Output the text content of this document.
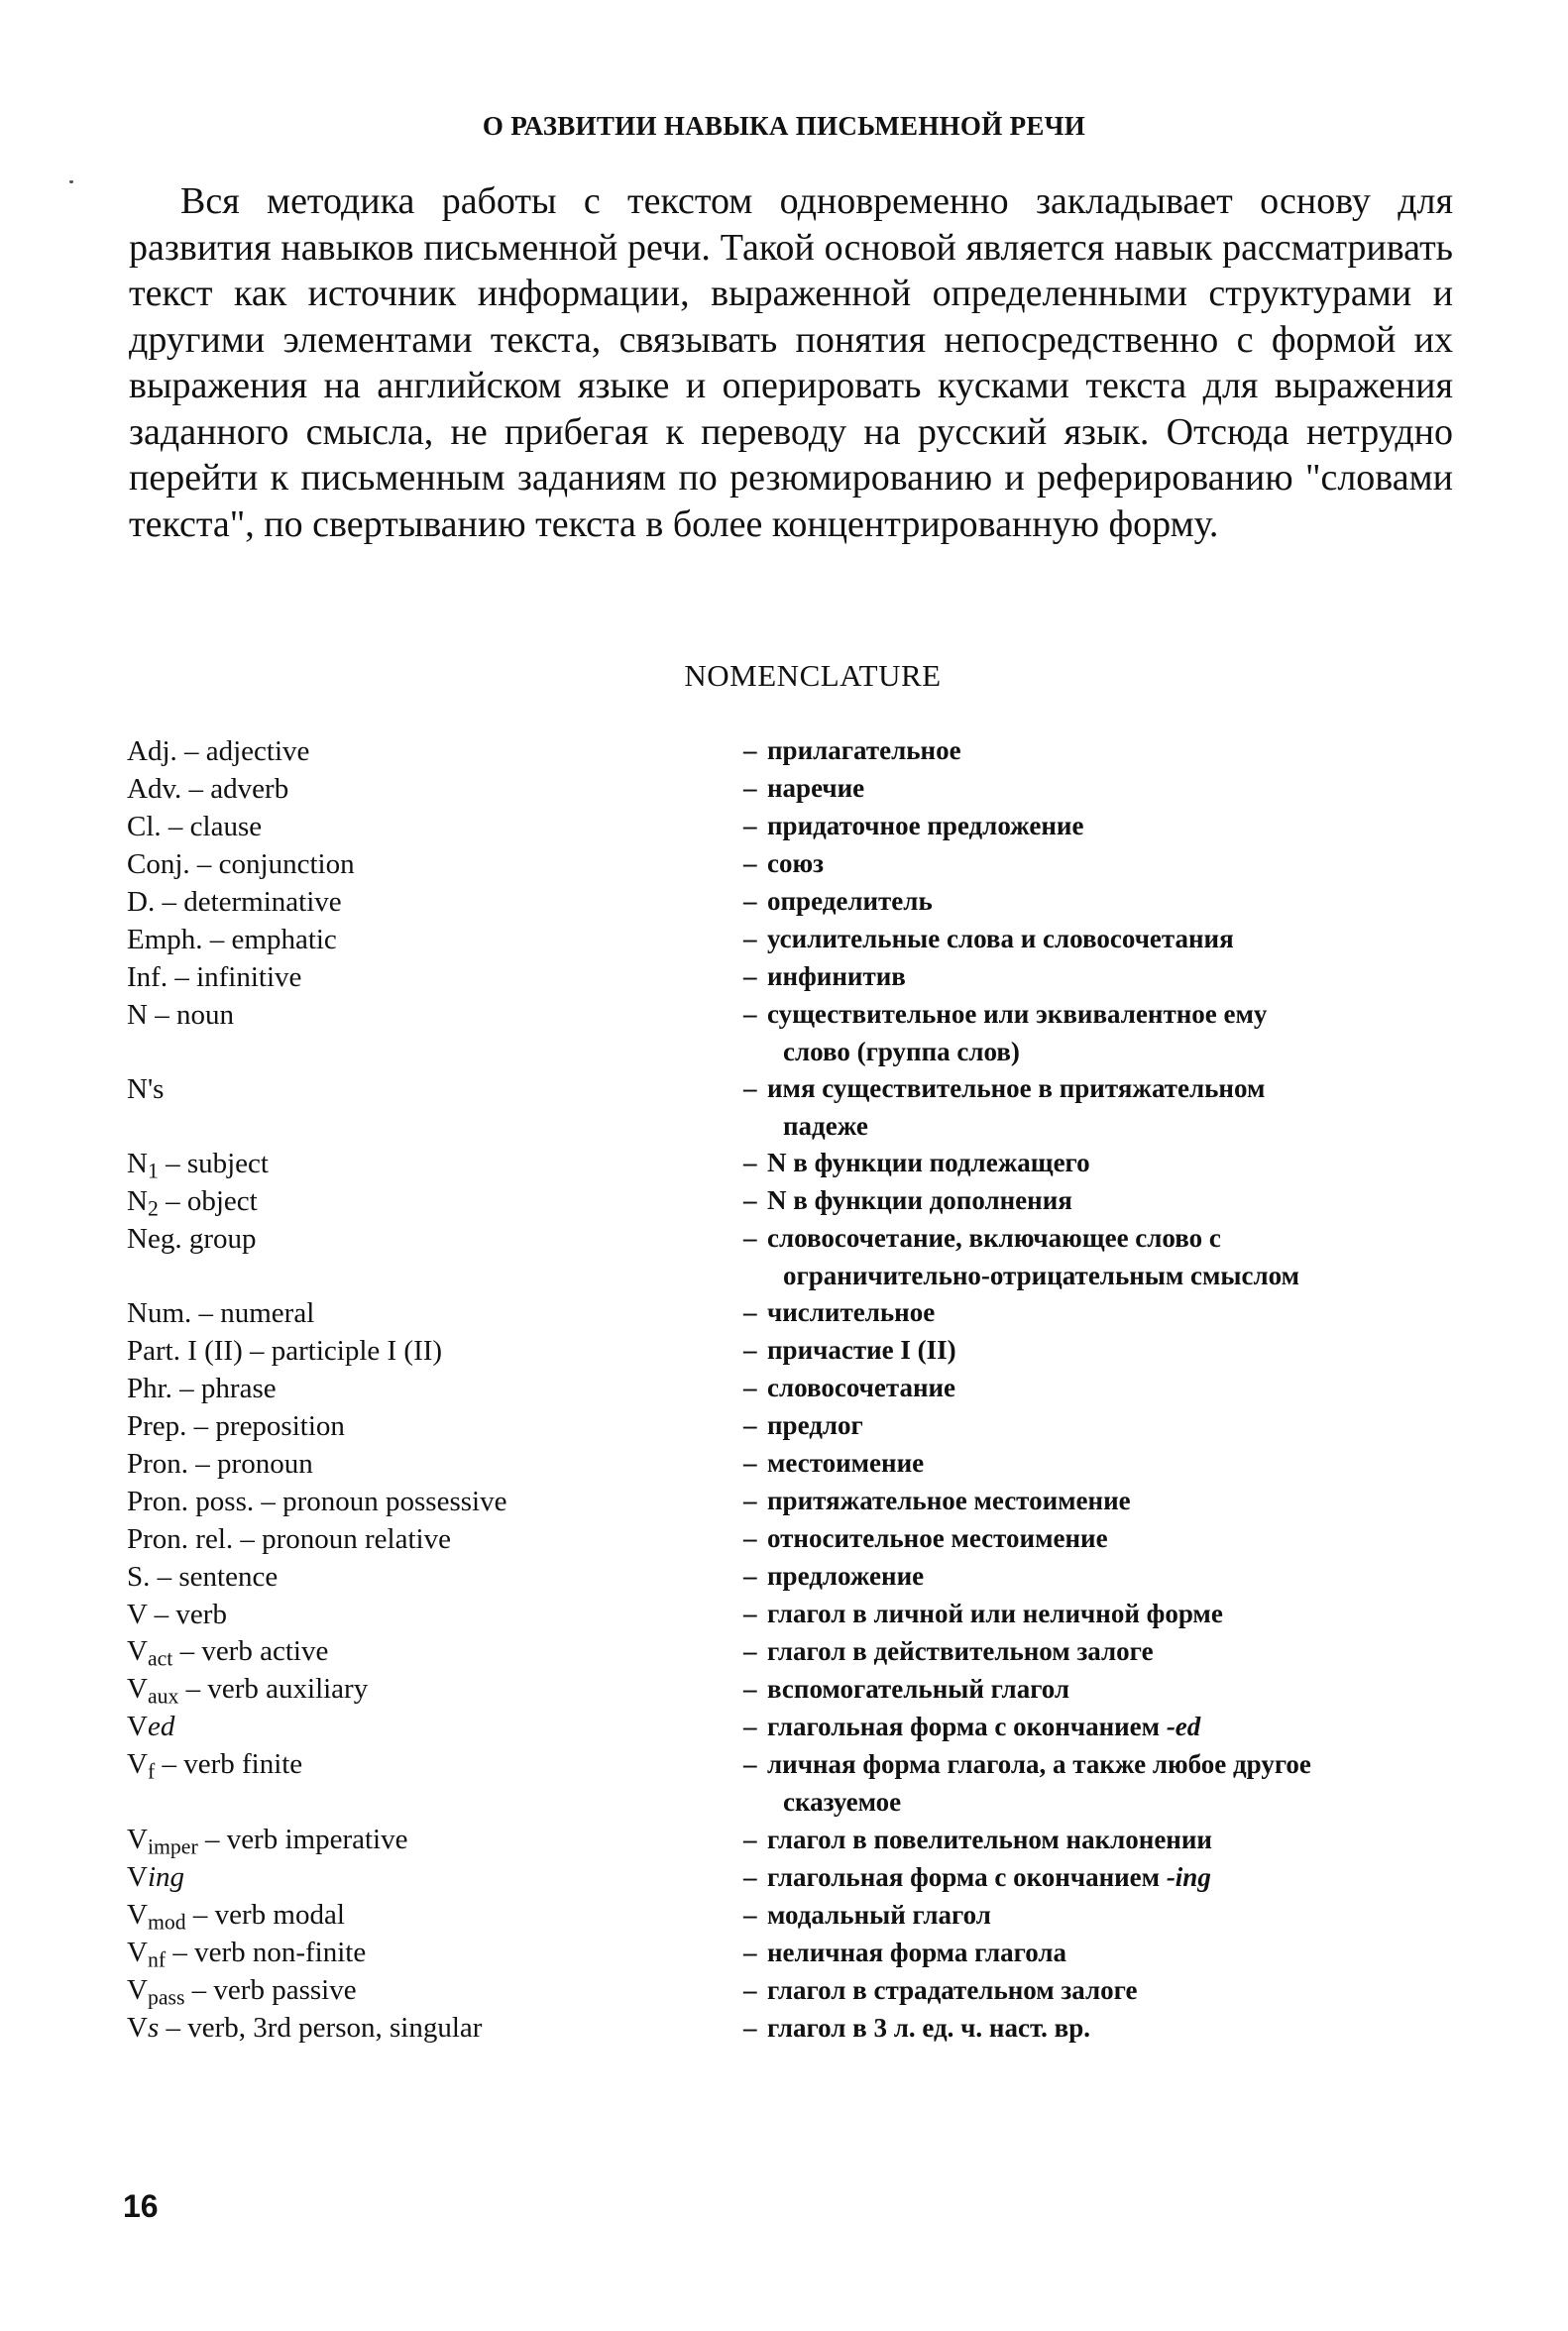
О РАЗВИТИИ НАВЫКА ПИСЬМЕННОЙ РЕЧИ

Вся методика работы с текстом одновременно закладывает основу для развития навыков письменной речи. Такой основой является навык рассматривать текст как источник информации, выраженной определенными структурами и другими элементами текста, связывать понятия непосредственно с формой их выражения на английском языке и оперировать кусками текста для выражения заданного смысла, не прибегая к переводу на русский язык. Отсюда нетрудно перейти к письменным заданиям по резюмированию и реферированию "словами текста", по свертыванию текста в более концентрированную форму.

NOMENCLATURE
Adj. – adjective	– прилагательное
Adv. – adverb	– наречие
Cl. – clause	– придаточное предложение
Conj. – conjunction	– союз
D. – determinative	– определитель
Emph. – emphatic	– усилительные слова и словосочетания
Inf. – infinitive	– инфинитив
N – noun	– существительное или эквивалентное ему
слово (группа слов)
N's	– имя существительное в притяжательном
падеже
$N_1$ – subject	– N в функции подлежащего
$N_2$ – object	– N в функции дополнения
Neg. group	– словосочетание, включающее слово с
ограничительно-отрицательным смыслом
Num. – numeral	– числительное
Part. I (II) – participle I (II)	– причастие I (II)
Phr. – phrase	– словосочетание
Prep. – preposition	– предлог
Pron. – pronoun	– местоимение
Pron. poss. – pronoun possessive	– притяжательное местоимение
Pron. rel. – pronoun relative	– относительное местоимение
S. – sentence	– предложение
V – verb	– глагол в личной или неличной форме
$V_{act}$ – verb active	– глагол в действительном залоге
$V_{aux}$ – verb auxiliary	– вспомогательный глагол
Ved	– глагольная форма с окончанием -ed
$V_f$ – verb finite	– личная форма глагола, а также любое другое
сказуемое
$V_{imper}$ – verb imperative	– глагол в повелительном наклонении
Ving	– глагольная форма с окончанием -ing
$V_{mod}$ – verb modal	– модальный глагол
$V_{nf}$ – verb non-finite	– неличная форма глагола
$V_{pass}$ – verb passive	– глагол в страдательном залоге
Vs – verb, 3rd person, singular	– глагол в 3 л. ед. ч. наст. вр.
16
